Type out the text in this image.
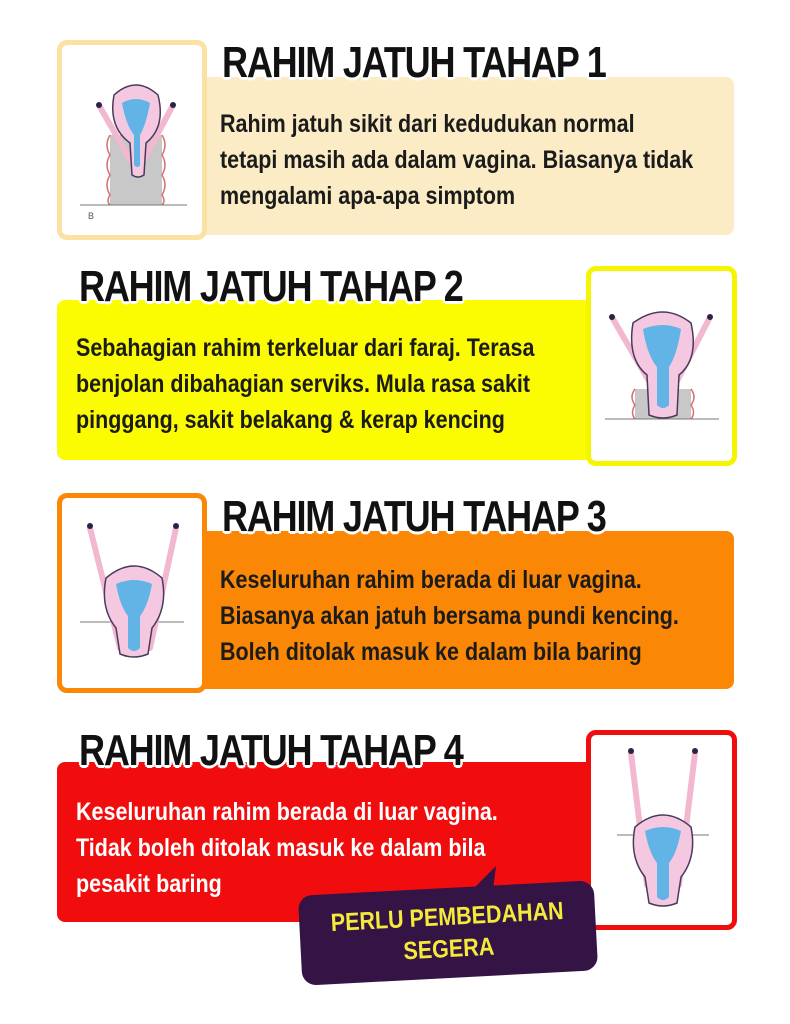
B
RAHIM JATUH TAHAP 1
Rahim jatuh sikit dari kedudukan normal
tetapi masih ada dalam vagina. Biasanya tidak
mengalami apa-apa simptom
RAHIM JATUH TAHAP 2
Sebahagian rahim terkeluar dari faraj. Terasa
benjolan dibahagian serviks. Mula rasa sakit
pinggang, sakit belakang & kerap kencing
RAHIM JATUH TAHAP 3
Keseluruhan rahim berada di luar vagina.
Biasanya akan jatuh bersama pundi kencing.
Boleh ditolak masuk ke dalam bila baring
RAHIM JATUH TAHAP 4
Keseluruhan rahim berada di luar vagina.
Tidak boleh ditolak masuk ke dalam bila
pesakit baring
PERLU PEMBEDAHAN
SEGERA
